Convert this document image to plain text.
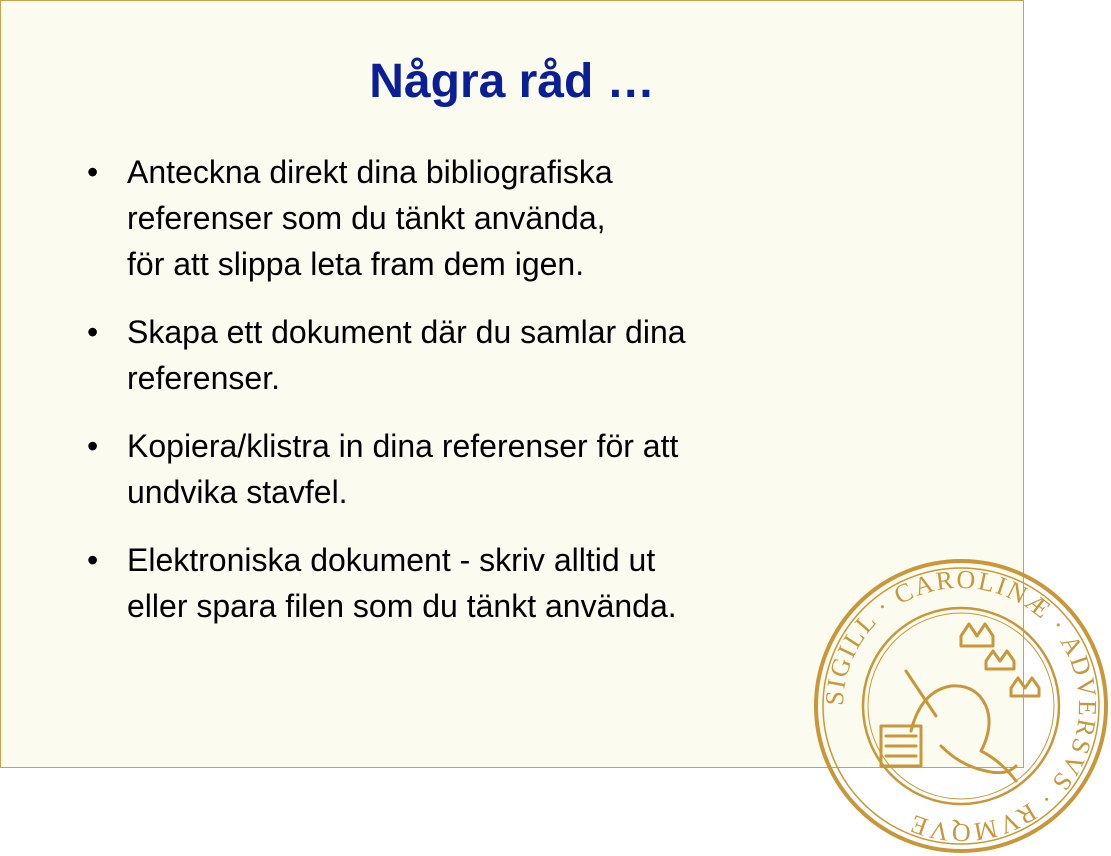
Några råd …
• Anteckna direkt dina bibliografiska
referenser som du tänkt använda,
för att slippa leta fram dem igen.
• Skapa ett dokument där du samlar dina
referenser.
• Kopiera/klistra in dina referenser för att
undvika stavfel.
• Elektroniska dokument - skriv alltid ut
eller spara filen som du tänkt använda.
SIGILL · CAROLINÆ · ADVERSVS · RVMQVE
